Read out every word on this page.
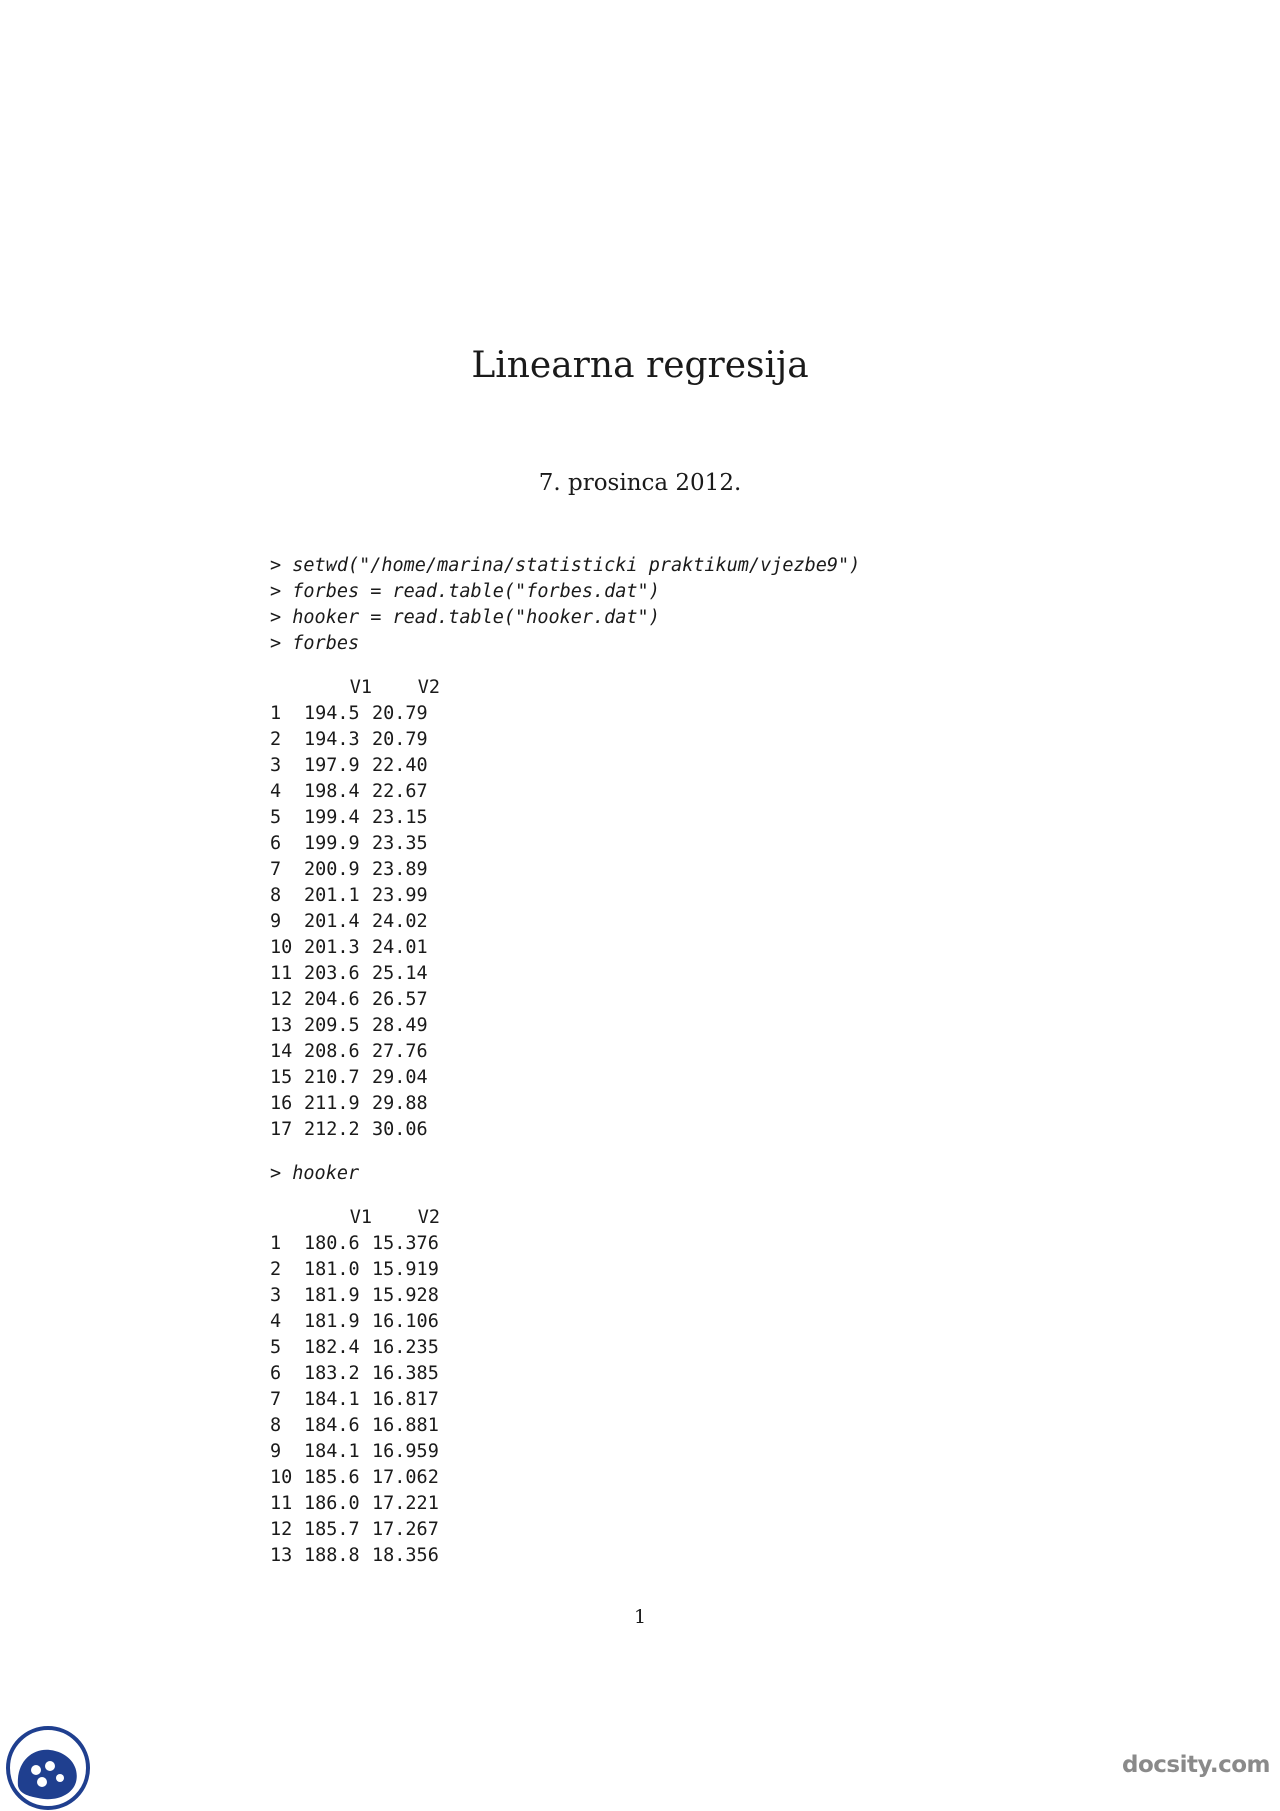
Linearna regresija
7. prosinca 2012.
> setwd("/home/marina/statisticki praktikum/vjezbe9")
> forbes = read.table("forbes.dat")
> hooker = read.table("hooker.dat")
> forbes
V1	V2
1	194.5 20.79
2	194.3 20.79
3	197.9 22.40
4	198.4 22.67
5	199.4 23.15
6	199.9 23.35
7	200.9 23.89
8	201.1 23.99
9	201.4 24.02
10 201.3 24.01
11 203.6 25.14
12 204.6 26.57
13 209.5 28.49
14 208.6 27.76
15 210.7 29.04
16 211.9 29.88
17 212.2 30.06
> hooker
V1	V2
1	180.6 15.376
2	181.0 15.919
3	181.9 15.928
4	181.9 16.106
5	182.4 16.235
6	183.2 16.385
7	184.1 16.817
8	184.6 16.881
9	184.1 16.959
10 185.6 17.062
11 186.0 17.221
12 185.7 17.267
13 188.8 18.356
1
docsity.com
